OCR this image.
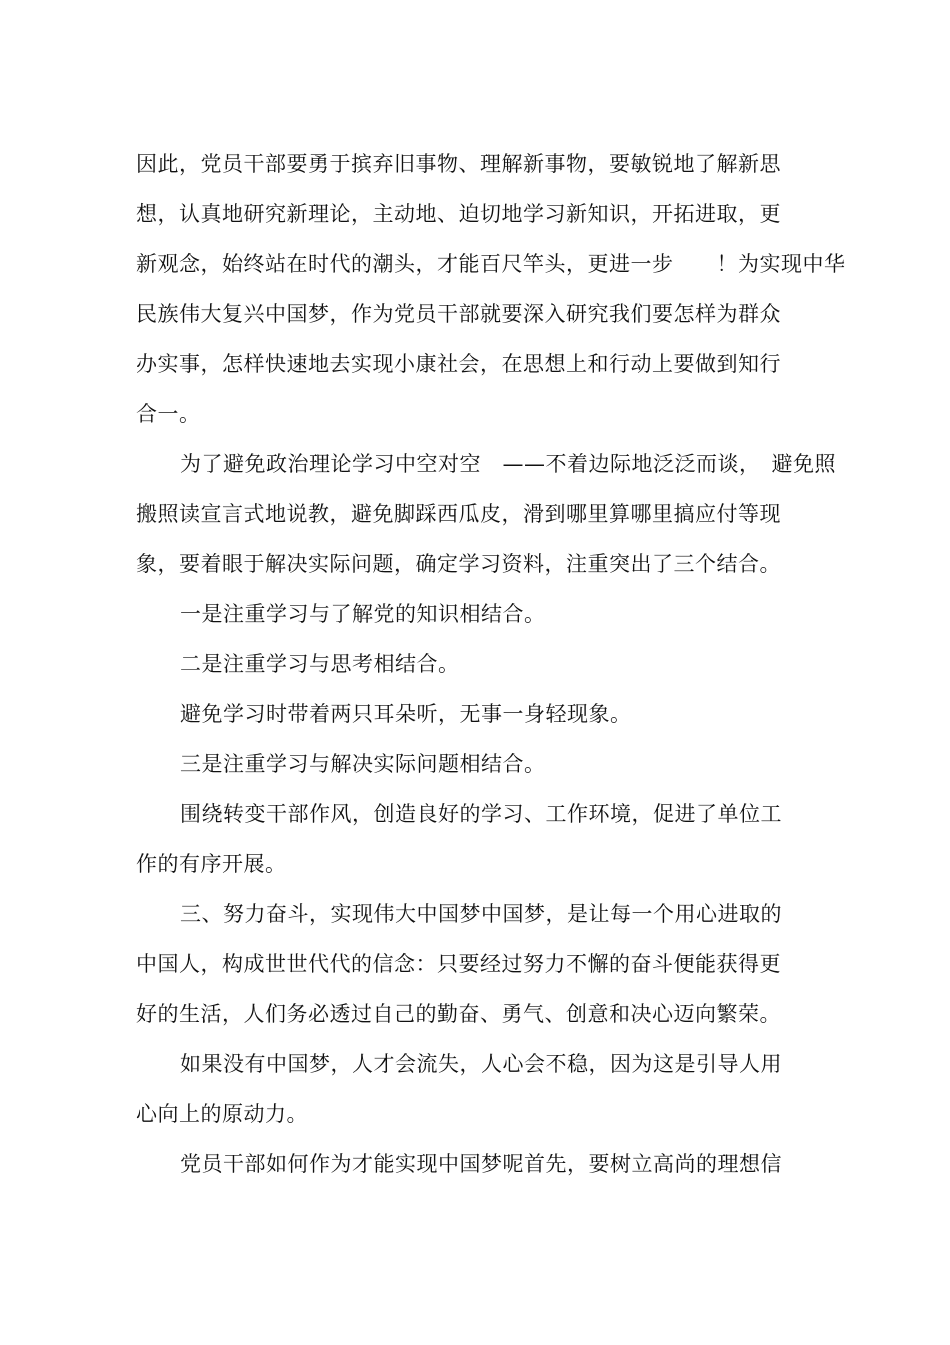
因此，党员干部要勇于摈弃旧事物、理解新事物，要敏锐地了解新思
想，认真地研究新理论，主动地、迫切地学习新知识，开拓进取，更
新观念，始终站在时代的潮头，才能百尺竿头，更进一步　　！为实现中华
民族伟大复兴中国梦，作为党员干部就要深入研究我们要怎样为群众
办实事，怎样快速地去实现小康社会，在思想上和行动上要做到知行
合一。
为了避免政治理论学习中空对空　——不着边际地泛泛而谈，　避免照
搬照读宣言式地说教，避免脚踩西瓜皮，滑到哪里算哪里搞应付等现
象，要着眼于解决实际问题，确定学习资料，注重突出了三个结合。
一是注重学习与了解党的知识相结合。
二是注重学习与思考相结合。
避免学习时带着两只耳朵听，无事一身轻现象。
三是注重学习与解决实际问题相结合。
围绕转变干部作风，创造良好的学习、工作环境，促进了单位工
作的有序开展。
三、努力奋斗，实现伟大中国梦中国梦，是让每一个用心进取的
中国人，构成世世代代的信念：只要经过努力不懈的奋斗便能获得更
好的生活，人们务必透过自己的勤奋、勇气、创意和决心迈向繁荣。
如果没有中国梦，人才会流失，人心会不稳，因为这是引导人用
心向上的原动力。
党员干部如何作为才能实现中国梦呢首先，要树立高尚的理想信
